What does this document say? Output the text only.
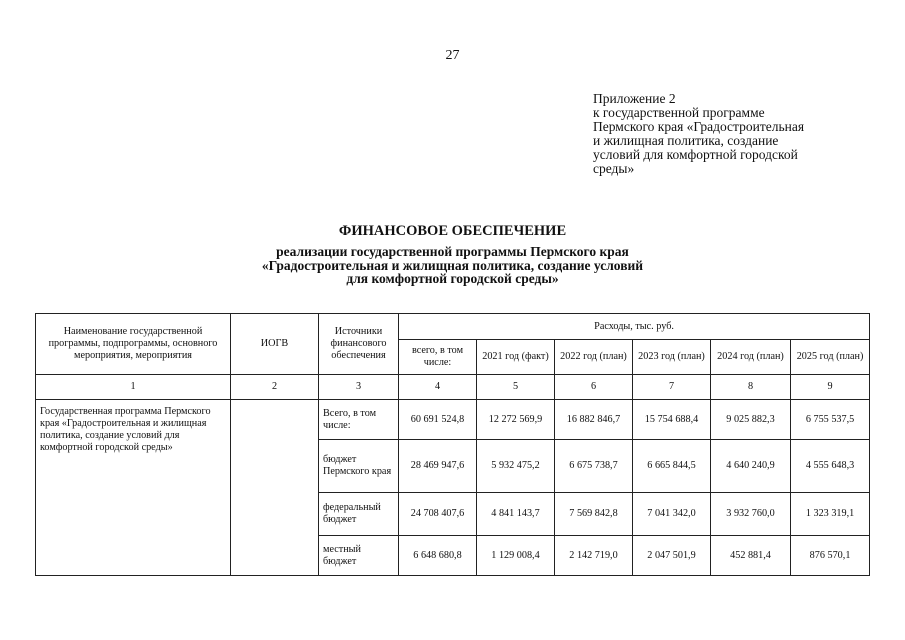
27
Приложение 2
к государственной программе
Пермского края «Градостроительная
и жилищная политика, создание
условий для комфортной городской
среды»
ФИНАНСОВОЕ ОБЕСПЕЧЕНИЕ
реализации государственной программы Пермского края
«Градостроительная и жилищная политика, создание условий
для комфортной городской среды»
Наименование государственной программы, подпрограммы, основного мероприятия, мероприятия	ИОГВ	Источники финансового обеспечения	Расходы, тыс. руб.					
			всего, в том числе:	2021 год (факт)	2022 год (план)	2023 год (план)	2024 год (план)	2025 год (план)
1	2	3	4	5	6	7	8	9
Государственная программа Пермского края «Градостроительная и жилищная политика, создание условий для комфортной городской среды»		Всего, в том числе:	60 691 524,8	12 272 569,9	16 882 846,7	15 754 688,4	9 025 882,3	6 755 537,5
		бюджет Пермского края	28 469 947,6	5 932 475,2	6 675 738,7	6 665 844,5	4 640 240,9	4 555 648,3
		федеральный бюджет	24 708 407,6	4 841 143,7	7 569 842,8	7 041 342,0	3 932 760,0	1 323 319,1
		местный бюджет	6 648 680,8	1 129 008,4	2 142 719,0	2 047 501,9	452 881,4	876 570,1
